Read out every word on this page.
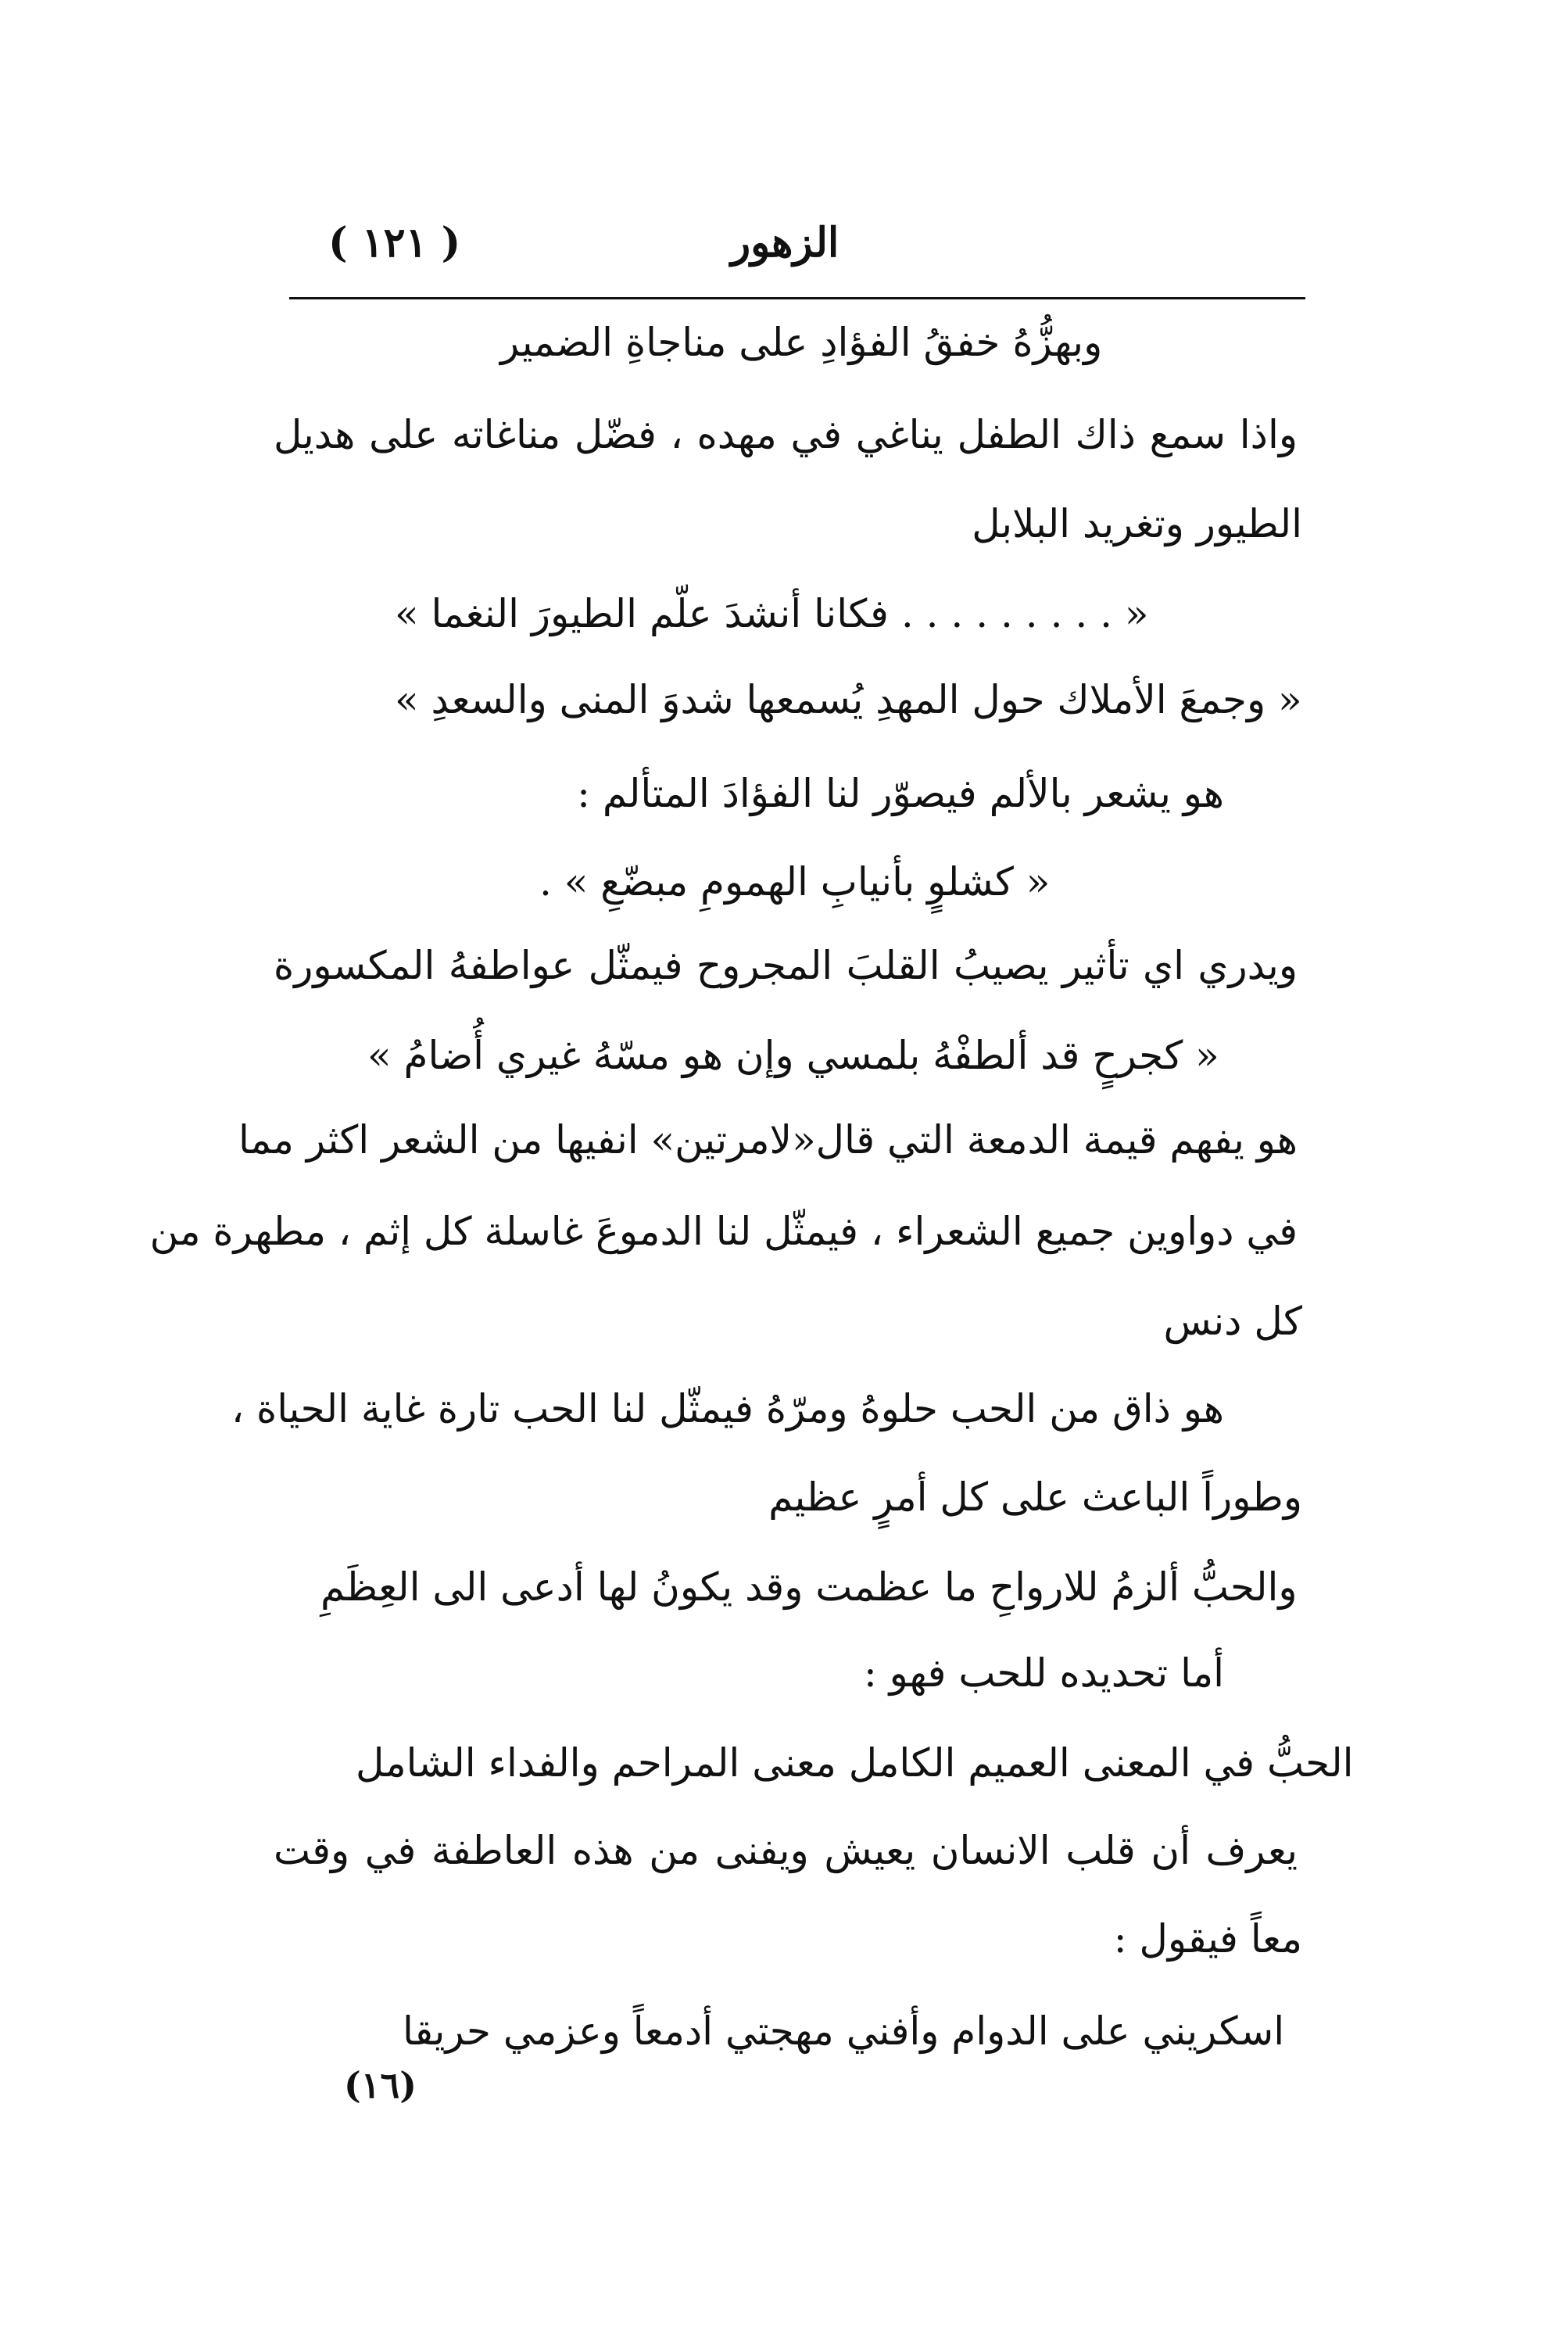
( ١٢١ )	الزهور
وبهزُّهُ خفقُ الفؤادِ على مناجاةِ الضمير
واذا سمع ذاك الطفل يناغي في مهده ، فضّل مناغاته على هديل
الطيور وتغريد البلابل
« . . . . . . . . . فكانا أنشدَ علّم الطيورَ النغما »
« وجمعَ الأملاك حول المهدِ يُسمعها شدوَ المنى والسعدِ »
هو يشعر بالألم فيصوّر لنا الفؤادَ المتألم :
« كشلوٍ بأنيابِ الهمومِ مبضّعِ » .
ويدري اي تأثير يصيبُ القلبَ المجروح فيمثّل عواطفهُ المكسورة
« كجرحٍ قد ألطفْهُ بلمسي وإن هو مسّهُ غيري أُضامُ »
هو يفهم قيمة الدمعة التي قال«لامرتين» انفيها من الشعر اكثر مما
في دواوين جميع الشعراء ، فيمثّل لنا الدموعَ غاسلة كل إثم ، مطهرة من
كل دنس
هو ذاق من الحب حلوهُ ومرّهُ فيمثّل لنا الحب تارة غاية الحياة ،
وطوراً الباعث على كل أمرٍ عظيم
والحبُّ ألزمُ للارواحِ ما عظمت وقد يكونُ لها أدعى الى العِظَمِ
أما تحديده للحب فهو :
الحبُّ في المعنى العميم الكامل معنى المراحم والفداء الشامل
يعرف أن قلب الانسان يعيش ويفنى من هذه العاطفة في وقت
معاً فيقول :
اسكريني على الدوام وأفني مهجتي أدمعاً وعزمي حريقا
(١٦)
